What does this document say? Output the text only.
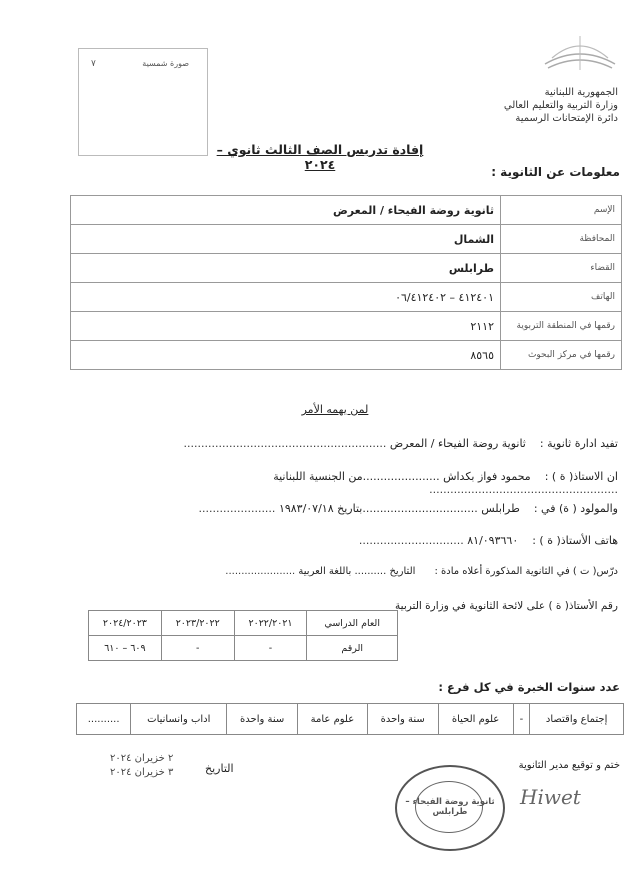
صورة شمسية
٧
الجمهورية اللبنانية
وزارة التربية والتعليم العالي
دائرة الإمتحانات الرسمية
إفادة تدريس الصف الثالث ثانوي – ٢٠٢٤	معلومات عن الثانوية :
الإسم	ثانوية روضة الفيحاء / المعرض
المحافظة	الشمال
القضاء	طرابلس
الهاتف	٤١٢٤٠١ – ٠٦/٤١٢٤٠٢
رقمها في المنطقة التربوية	٢١١٢
رقمها في مركز البحوث	٨٥٦٥
لمن يهمه الأمر
تفيد ادارة ثانوية :    ثانوية روضة الفيحاء / المعرض ..........................................................
ان الاستاذ( ة ) :    محمود فواز بكداش ......................من الجنسية اللبنانية ......................................................
والمولود ( ة) في :    طرابلس .................................بتاريخ ١٩٨٣/٠٧/١٨ ......................
هاتف الأستاذ( ة ) :    ٨١/٠٩٣٦٦٠ ..............................
درّس( ت ) في الثانوية المذكورة أعلاه مادة :      التاريخ .......... باللغة العربية ......................
رقم الأستاذ( ة ) على لائحة الثانوية في وزارة التربية
العام الدراسي	٢٠٢٢/٢٠٢١	٢٠٢٣/٢٠٢٢	٢٠٢٤/٢٠٢٣
الرقم	-	-	٦٠٩ – ٦١٠
عدد سنوات الخبرة في كل فرع :
إجتماع واقتصاد	-	علوم الحياة	سنة واحدة	علوم عامة	سنة واحدة	اداب وانسانيات	..........
ختم و توقيع مدير الثانوية
التاريخ
٢ خزيران ٢٠٢٤
٣ خزيران ٢٠٢٤
ثانوية روضة الفيحاء – طرابلس
Hiwet
